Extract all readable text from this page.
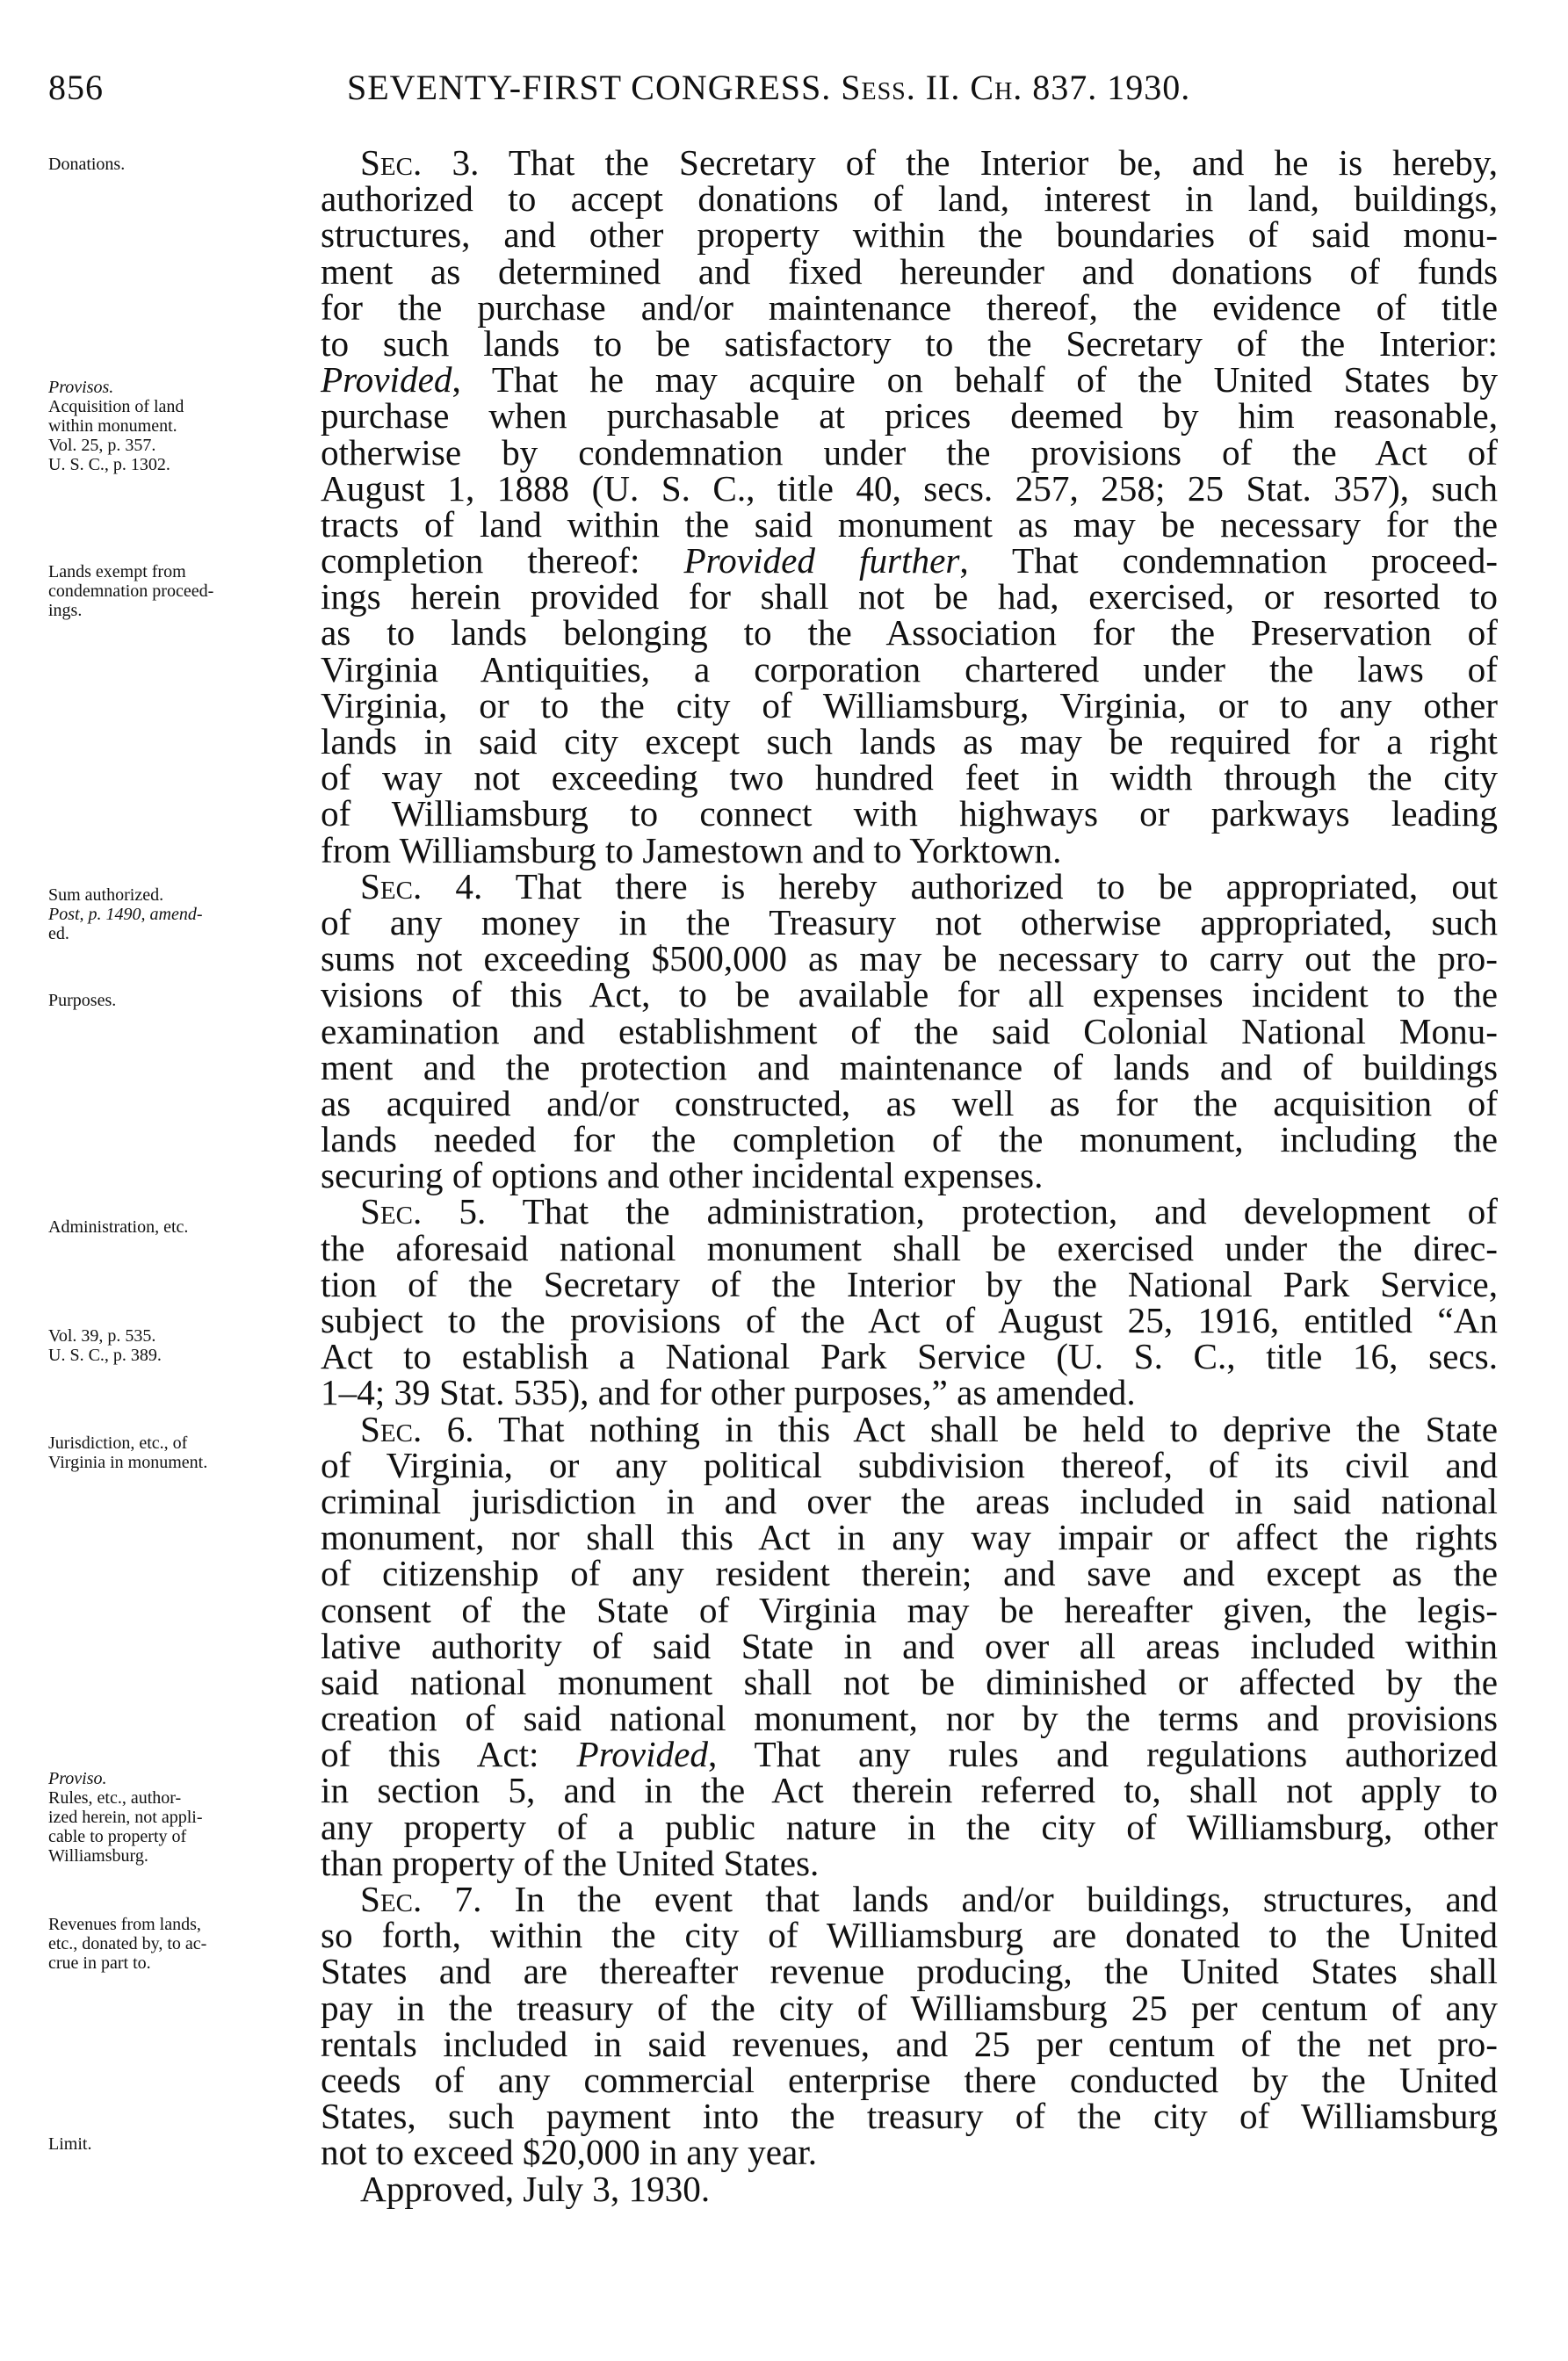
856	SEVENTY-FIRST CONGRESS. Sess. II. Ch. 837. 1930.
Donations.
Provisos.
Acquisition of land
within monument.
Vol. 25, p. 357.
U. S. C., p. 1302.
Lands exempt from
condemnation proceed-
ings.
Sum authorized.
Post, p. 1490, amend-
ed.
Purposes.
Administration, etc.
Vol. 39, p. 535.
U. S. C., p. 389.
Jurisdiction, etc., of
Virginia in monument.
Proviso.
Rules, etc., author-
ized herein, not appli-
cable to property of
Williamsburg.
Revenues from lands,
etc., donated by, to ac-
crue in part to.
Limit.
Sec. 3. That the Secretary of the Interior be, and he is hereby,
authorized to accept donations of land, interest in land, buildings,
structures, and other property within the boundaries of said monu-
ment as determined and fixed hereunder and donations of funds
for the purchase and/or maintenance thereof, the evidence of title
to such lands to be satisfactory to the Secretary of the Interior:
Provided, That he may acquire on behalf of the United States by
purchase when purchasable at prices deemed by him reasonable,
otherwise by condemnation under the provisions of the Act of
August 1, 1888 (U. S. C., title 40, secs. 257, 258; 25 Stat. 357), such
tracts of land within the said monument as may be necessary for the
completion thereof: Provided further, That condemnation proceed-
ings herein provided for shall not be had, exercised, or resorted to
as to lands belonging to the Association for the Preservation of
Virginia Antiquities, a corporation chartered under the laws of
Virginia, or to the city of Williamsburg, Virginia, or to any other
lands in said city except such lands as may be required for a right
of way not exceeding two hundred feet in width through the city
of Williamsburg to connect with highways or parkways leading
from Williamsburg to Jamestown and to Yorktown.
Sec. 4. That there is hereby authorized to be appropriated, out
of any money in the Treasury not otherwise appropriated, such
sums not exceeding $500,000 as may be necessary to carry out the pro-
visions of this Act, to be available for all expenses incident to the
examination and establishment of the said Colonial National Monu-
ment and the protection and maintenance of lands and of buildings
as acquired and/or constructed, as well as for the acquisition of
lands needed for the completion of the monument, including the
securing of options and other incidental expenses.
Sec. 5. That the administration, protection, and development of
the aforesaid national monument shall be exercised under the direc-
tion of the Secretary of the Interior by the National Park Service,
subject to the provisions of the Act of August 25, 1916, entitled “An
Act to establish a National Park Service (U. S. C., title 16, secs.
1–4; 39 Stat. 535), and for other purposes,” as amended.
Sec. 6. That nothing in this Act shall be held to deprive the State
of Virginia, or any political subdivision thereof, of its civil and
criminal jurisdiction in and over the areas included in said national
monument, nor shall this Act in any way impair or affect the rights
of citizenship of any resident therein; and save and except as the
consent of the State of Virginia may be hereafter given, the legis-
lative authority of said State in and over all areas included within
said national monument shall not be diminished or affected by the
creation of said national monument, nor by the terms and provisions
of this Act: Provided, That any rules and regulations authorized
in section 5, and in the Act therein referred to, shall not apply to
any property of a public nature in the city of Williamsburg, other
than property of the United States.
Sec. 7. In the event that lands and/or buildings, structures, and
so forth, within the city of Williamsburg are donated to the United
States and are thereafter revenue producing, the United States shall
pay in the treasury of the city of Williamsburg 25 per centum of any
rentals included in said revenues, and 25 per centum of the net pro-
ceeds of any commercial enterprise there conducted by the United
States, such payment into the treasury of the city of Williamsburg
not to exceed $20,000 in any year.
Approved, July 3, 1930.
